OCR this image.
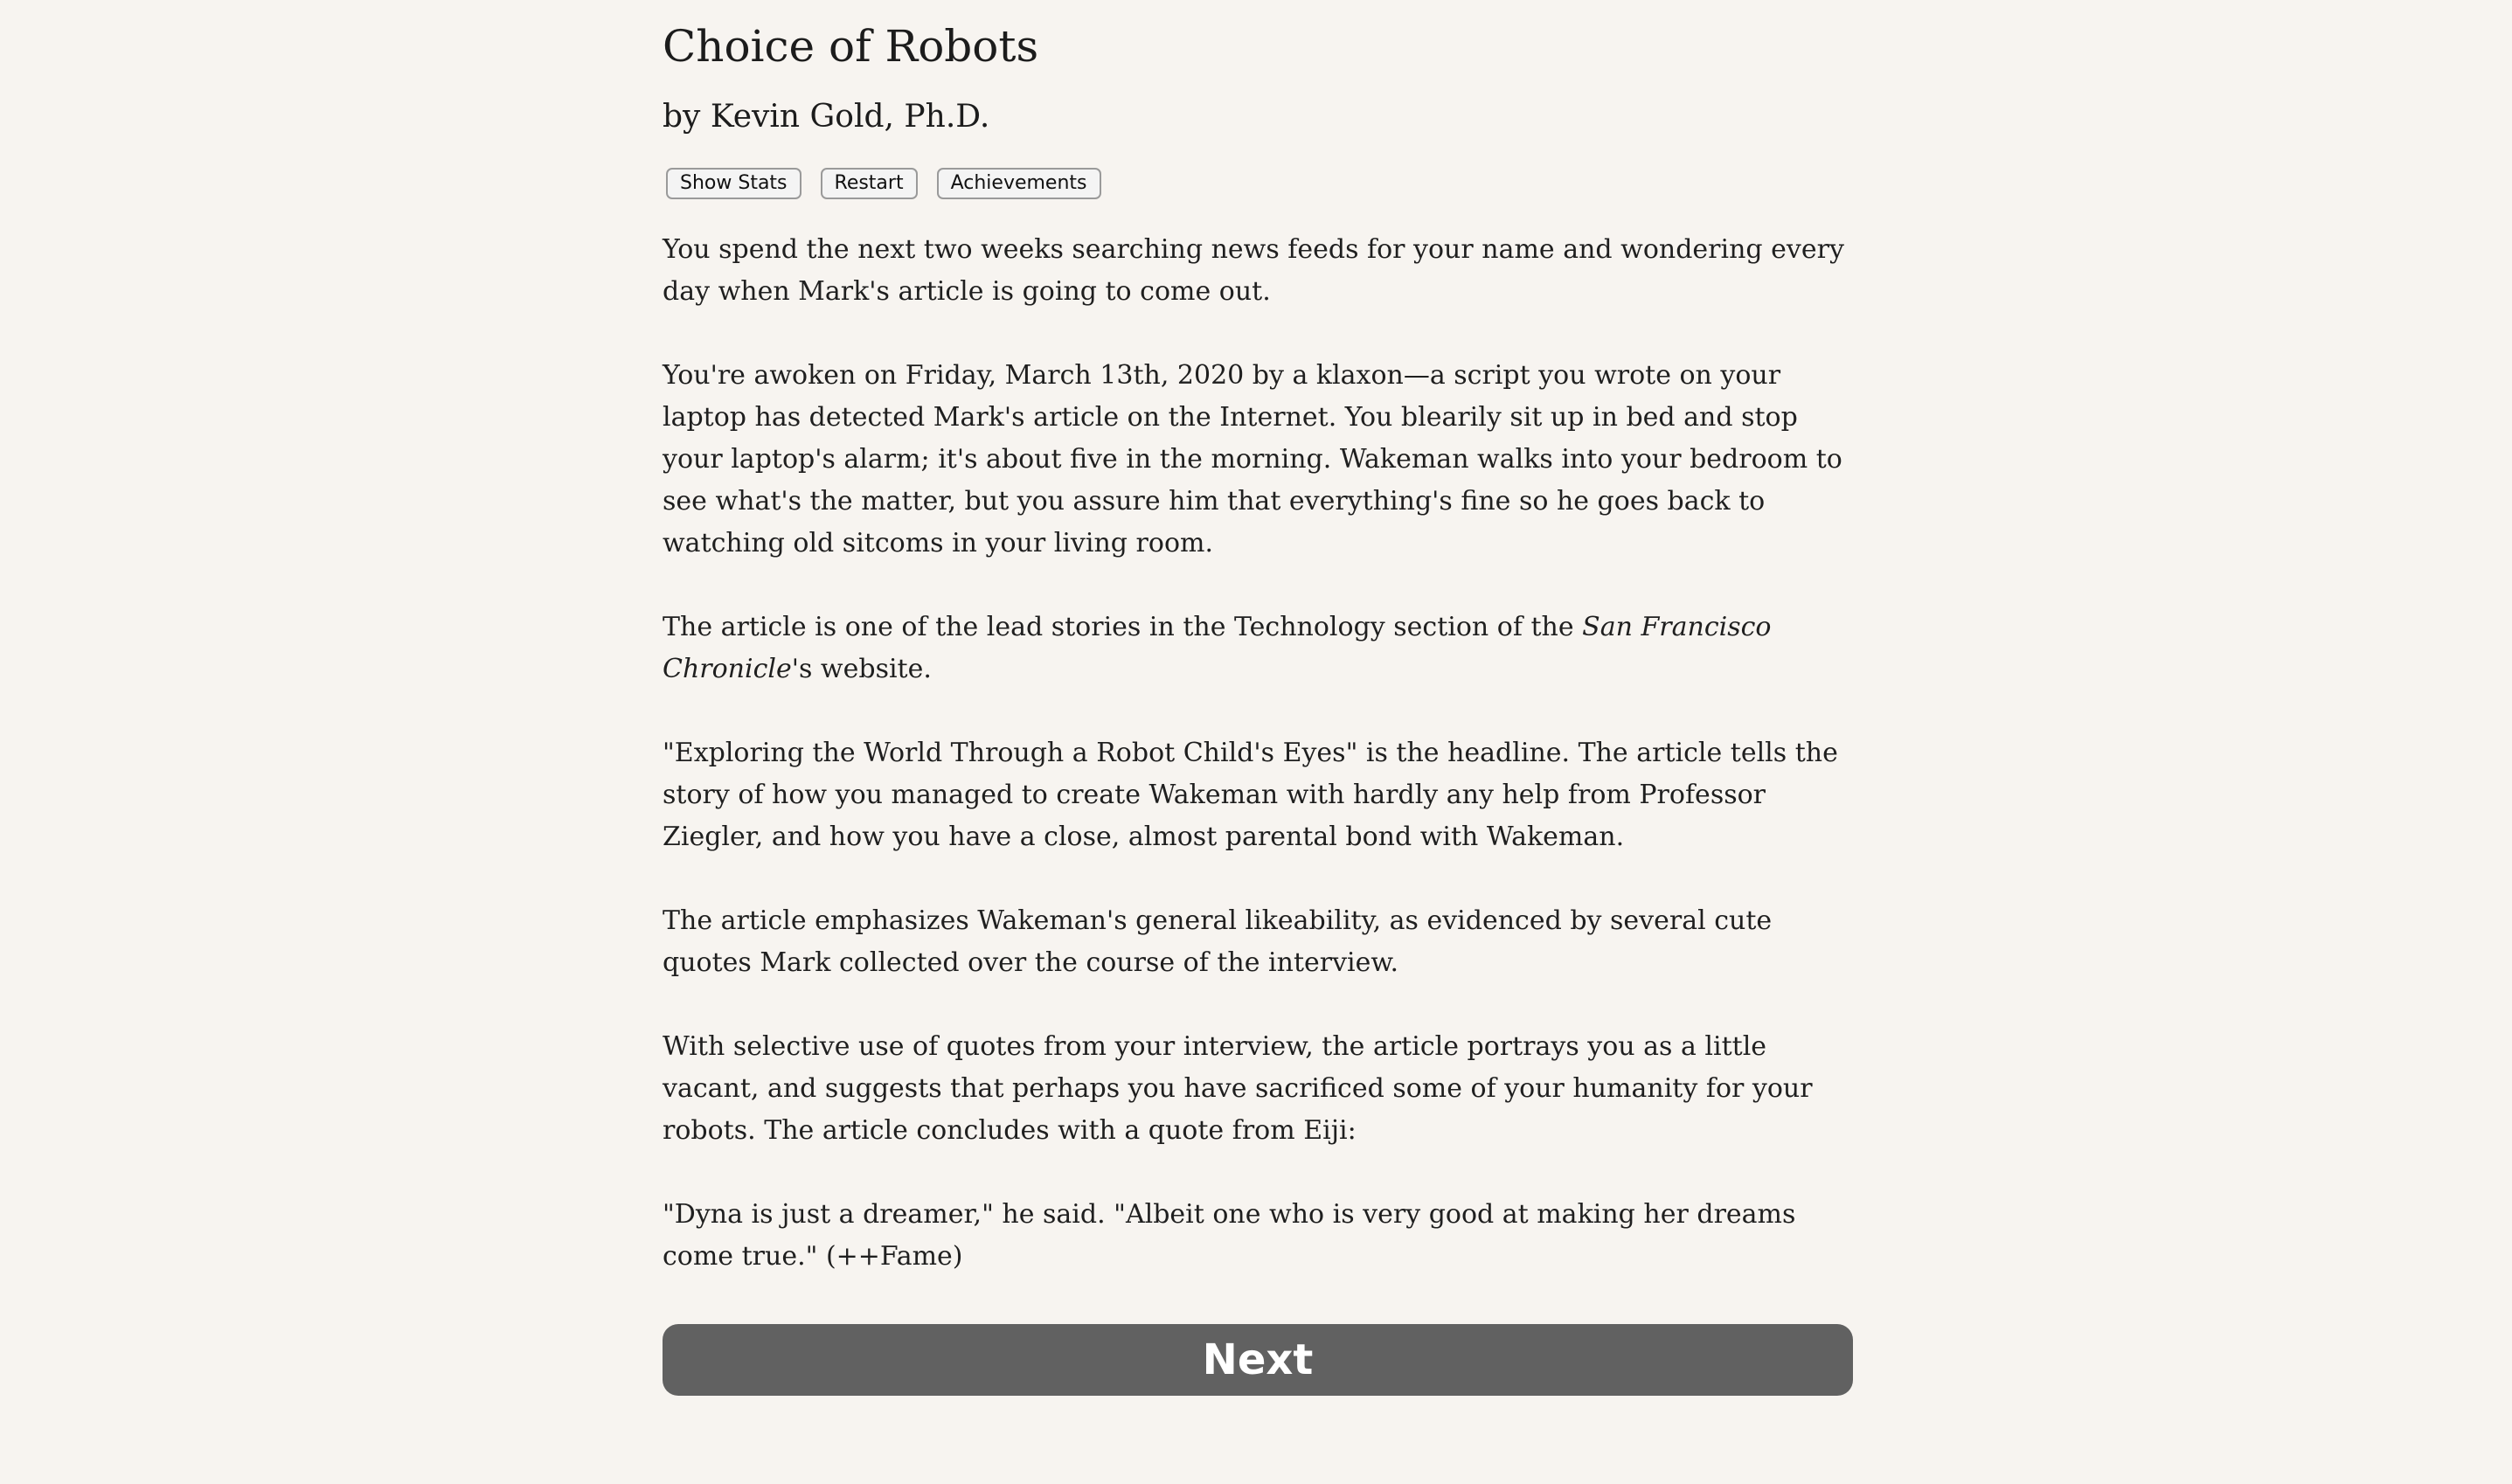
Choice of Robots
by Kevin Gold, Ph.D.
Show Stats	Restart	Achievements

You spend the next two weeks searching news feeds for your name and wondering every day when Mark's article is going to come out.

You're awoken on Friday, March 13th, 2020 by a klaxon—a script you wrote on your laptop has detected Mark's article on the Internet. You blearily sit up in bed and stop your laptop's alarm; it's about five in the morning. Wakeman walks into your bedroom to see what's the matter, but you assure him that everything's fine so he goes back to watching old sitcoms in your living room.

The article is one of the lead stories in the Technology section of the San Francisco Chronicle's website.

"Exploring the World Through a Robot Child's Eyes" is the headline. The article tells the story of how you managed to create Wakeman with hardly any help from Professor Ziegler, and how you have a close, almost parental bond with Wakeman.

The article emphasizes Wakeman's general likeability, as evidenced by several cute quotes Mark collected over the course of the interview.

With selective use of quotes from your interview, the article portrays you as a little vacant, and suggests that perhaps you have sacrificed some of your humanity for your robots. The article concludes with a quote from Eiji:

"Dyna is just a dreamer," he said. "Albeit one who is very good at making her dreams come true." (++Fame)

Next
